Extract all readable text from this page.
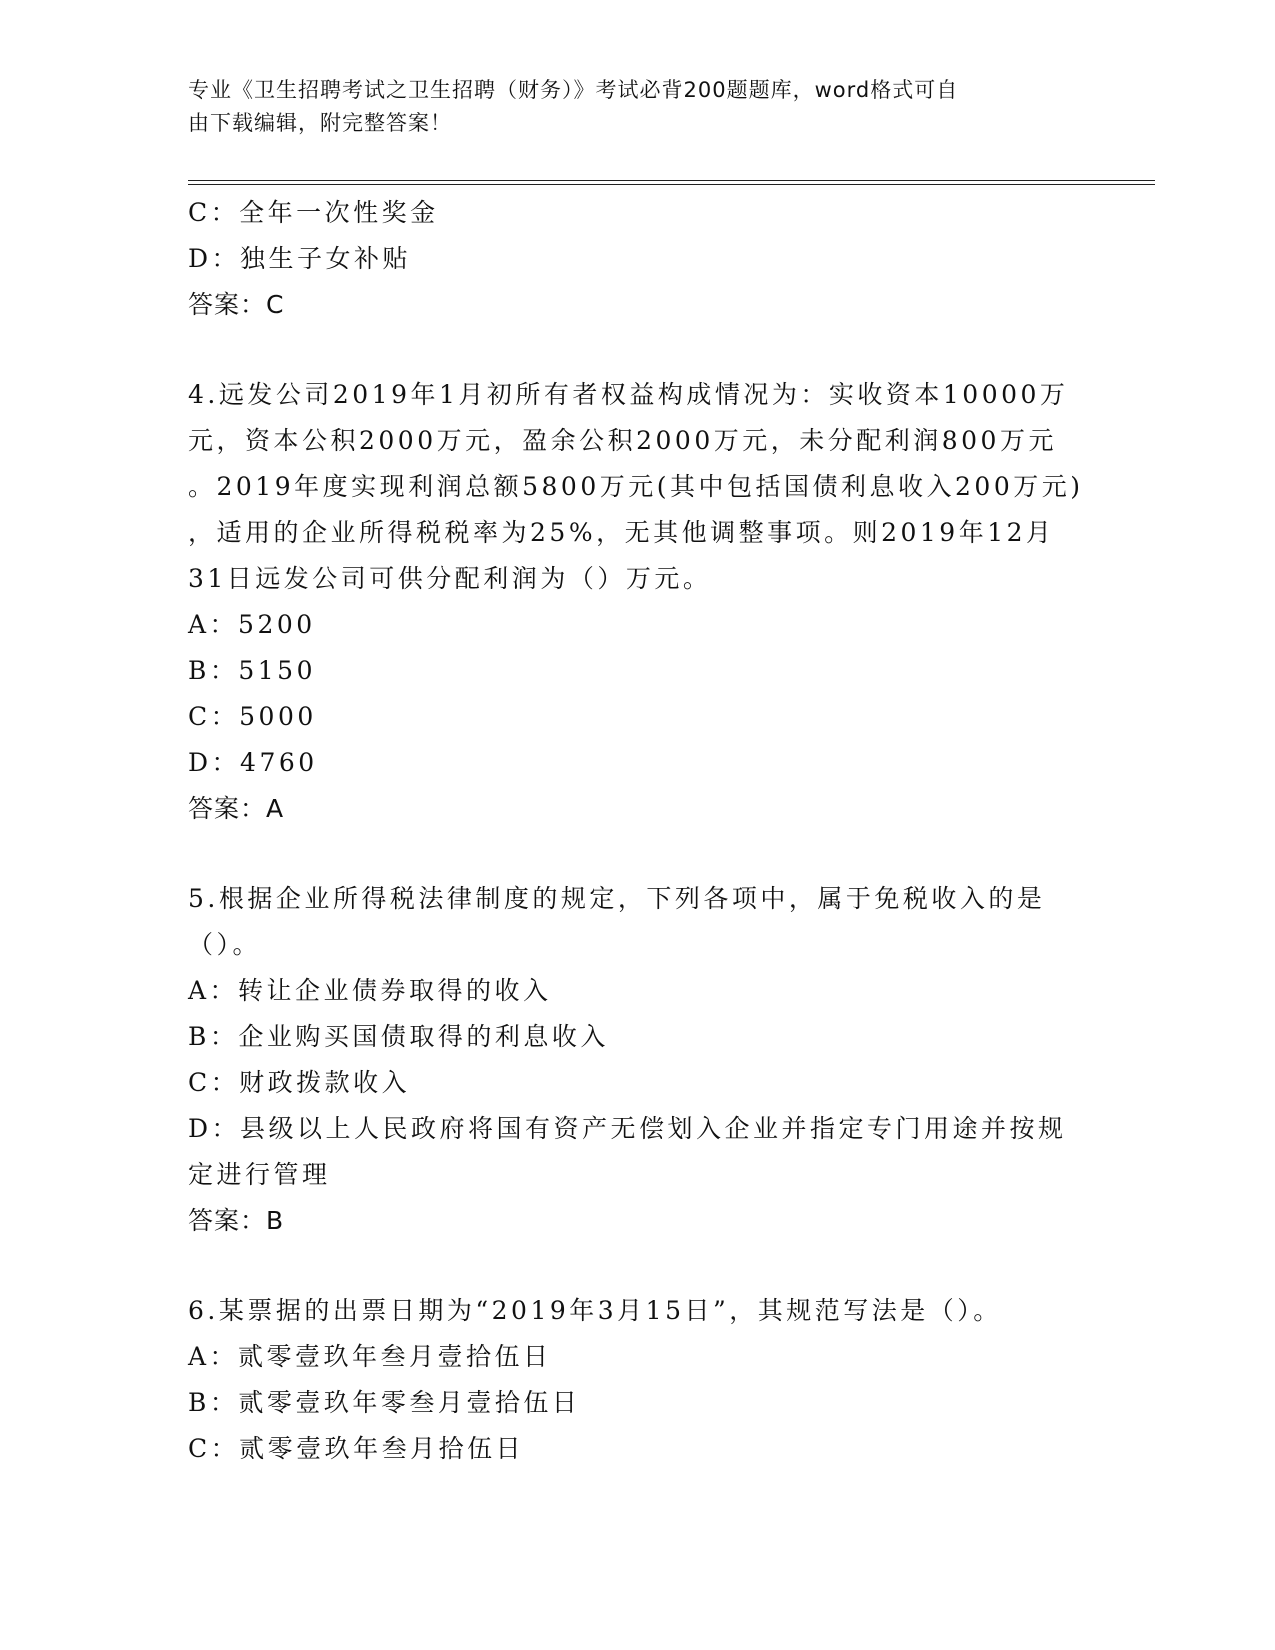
专业《卫生招聘考试之卫生招聘（财务）》考试必背200题题库，word格式可自
由下载编辑，附完整答案！
C：全年一次性奖金
D：独生子女补贴
答案：C
4.远发公司2019年1月初所有者权益构成情况为：实收资本10000万
元，资本公积2000万元，盈余公积2000万元，未分配利润800万元
。2019年度实现利润总额5800万元(其中包括国债利息收入200万元)
，适用的企业所得税税率为25%，无其他调整事项。则2019年12月
31日远发公司可供分配利润为（）万元。
A：5200
B：5150
C：5000
D：4760
答案：A
5.根据企业所得税法律制度的规定，下列各项中，属于免税收入的是
（）。
A：转让企业债券取得的收入
B：企业购买国债取得的利息收入
C：财政拨款收入
D：县级以上人民政府将国有资产无偿划入企业并指定专门用途并按规
定进行管理
答案：B
6.某票据的出票日期为“2019年3月15日”，其规范写法是（）。
A：贰零壹玖年叁月壹拾伍日
B：贰零壹玖年零叁月壹拾伍日
C：贰零壹玖年叁月拾伍日
